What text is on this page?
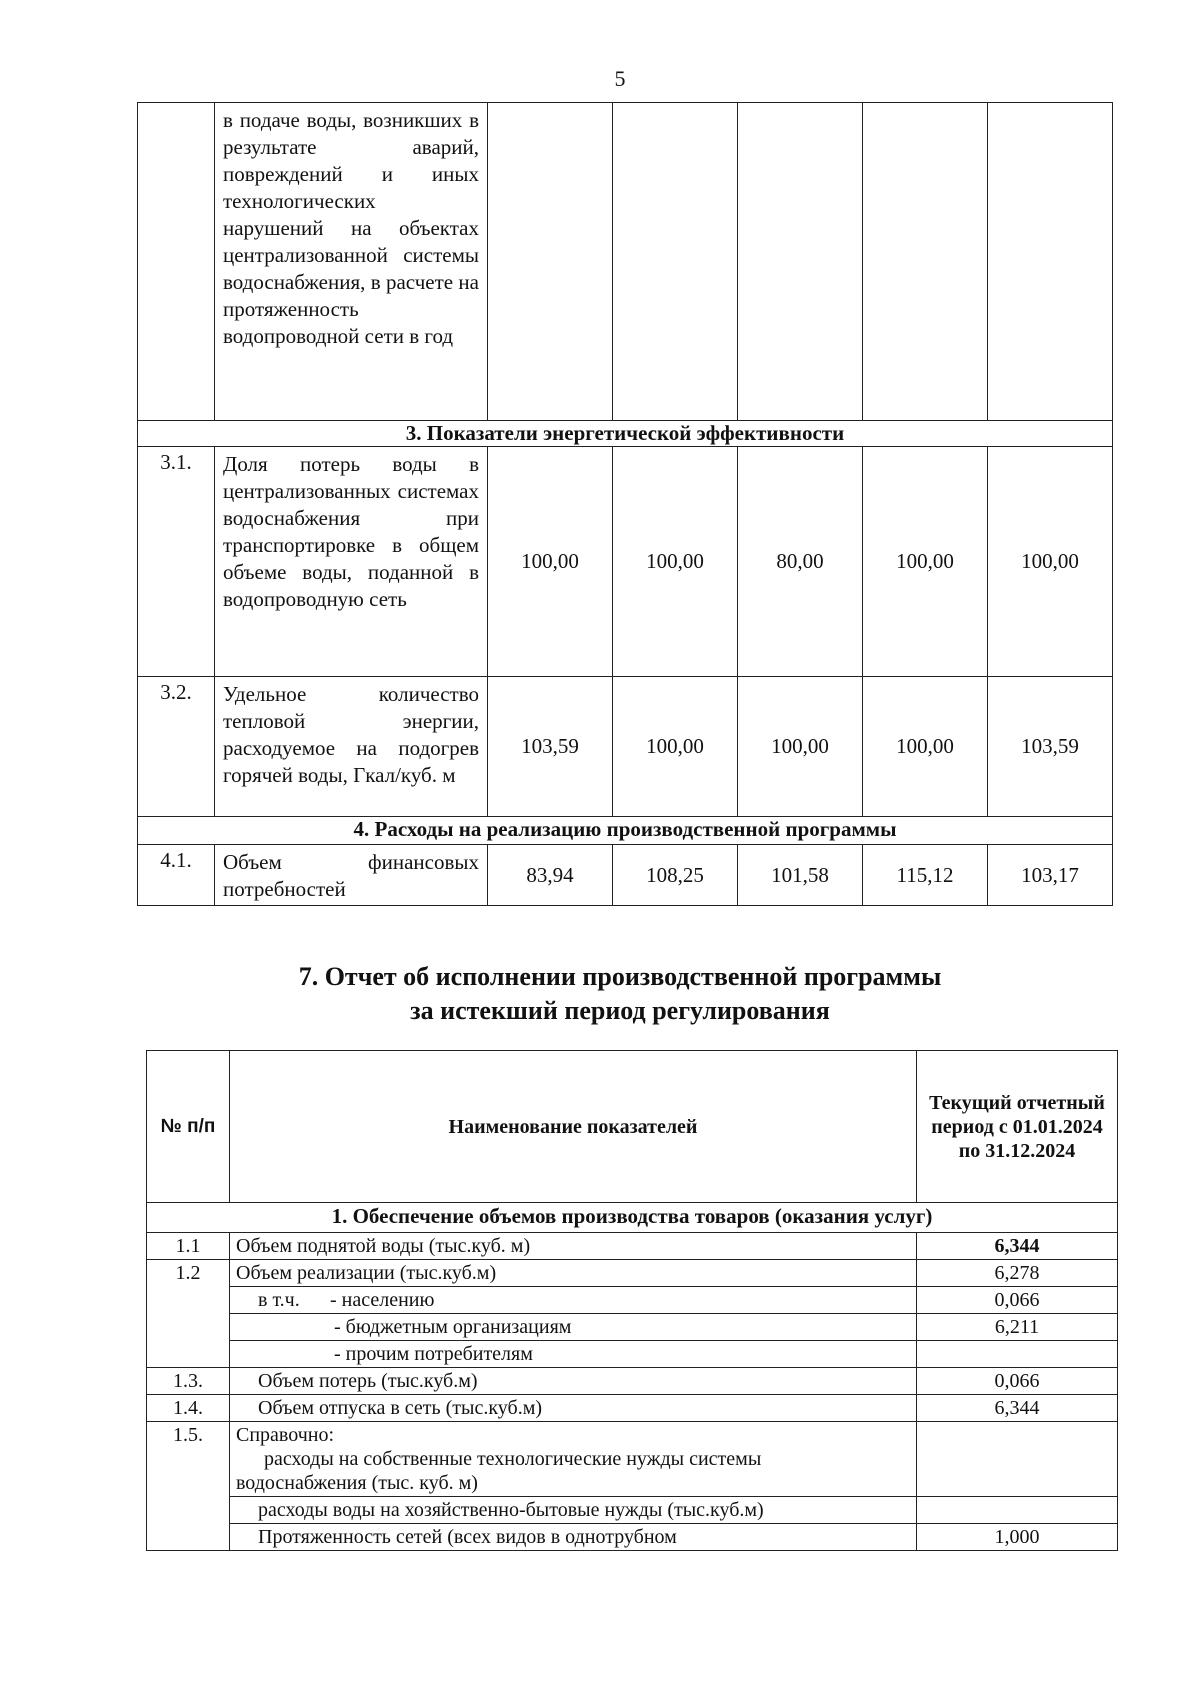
5
	в подаче воды, возникших в результате аварий, повреждений и иных технологических нарушений на объектах централизованной системы водоснабжения, в расчете на протяженность водопроводной сети в год					
3. Показатели энергетической эффективности						
3.1.	Доля потерь воды в централизованных системах водоснабжения при транспортировке в общем объеме воды, поданной в водопроводную сеть	100,00	100,00	80,00	100,00	100,00
3.2.	Удельное количество тепловой энергии, расходуемое на подогрев горячей воды, Гкал/куб. м	103,59	100,00	100,00	100,00	103,59
4. Расходы на реализацию производственной программы						
4.1.	Объем финансовых потребностей	83,94	108,25	101,58	115,12	103,17
7. Отчет об исполнении производственной программы
за истекший период регулирования
№ п/п	Наименование показателей	Текущий отчетный период с 01.01.2024 по 31.12.2024
1. Обеспечение объемов производства товаров (оказания услуг)		
1.1	Объем поднятой воды (тыс.куб. м)	6,344
1.2	Объем реализации (тыс.куб.м)	6,278
	в т.ч. - населению	0,066
	- бюджетным организациям	6,211
	- прочим потребителям	
1.3.	Объем потерь (тыс.куб.м)	0,066
1.4.	Объем отпуска в сеть (тыс.куб.м)	6,344
1.5.	Справочно:
расходы на собственные технологические нужды системы
водоснабжения (тыс. куб. м)	

	расходы воды на хозяйственно-бытовые нужды (тыс.куб.м)	
	Протяженность сетей (всех видов в однотрубном	1,000
